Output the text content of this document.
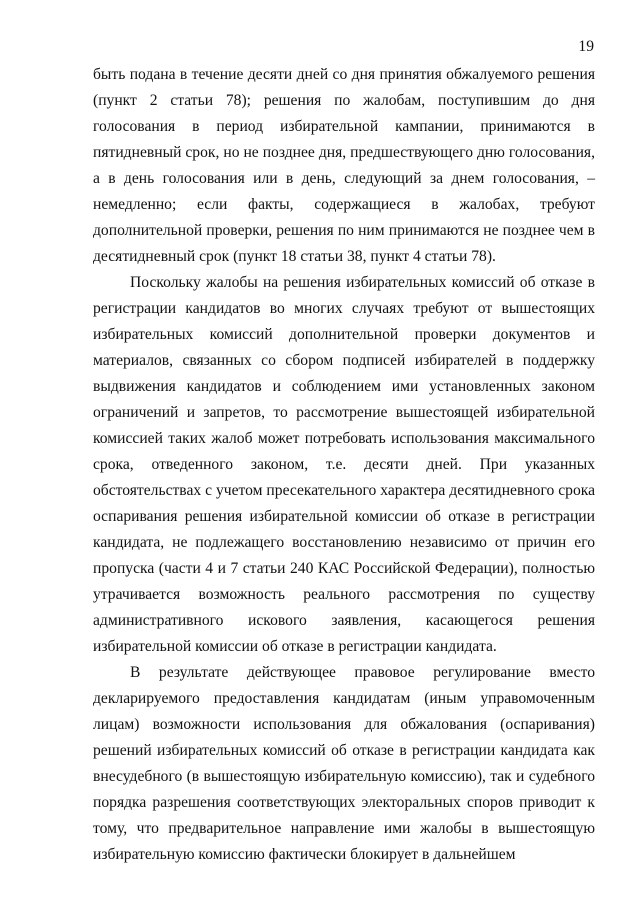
19

быть подана в течение десяти дней со дня принятия обжалуемого решения (пункт 2 статьи 78); решения по жалобам, поступившим до дня голосования в период избирательной кампании, принимаются в пятидневный срок, но не позднее дня, предшествующего дню голосования, а в день голосования или в день, следующий за днем голосования, – немедленно; если факты, содержащиеся в жалобах, требуют дополнительной проверки, решения по ним принимаются не позднее чем в десятидневный срок (пункт 18 статьи 38, пункт 4 статьи 78).

Поскольку жалобы на решения избирательных комиссий об отказе в регистрации кандидатов во многих случаях требуют от вышестоящих избирательных комиссий дополнительной проверки документов и материалов, связанных со сбором подписей избирателей в поддержку выдвижения кандидатов и соблюдением ими установленных законом ограничений и запретов, то рассмотрение вышестоящей избирательной комиссией таких жалоб может потребовать использования максимального срока, отведенного законом, т.е. десяти дней. При указанных обстоятельствах с учетом пресекательного характера десятидневного срока оспаривания решения избирательной комиссии об отказе в регистрации кандидата, не подлежащего восстановлению независимо от причин его пропуска (части 4 и 7 статьи 240 КАС Российской Федерации), полностью утрачивается возможность реального рассмотрения по существу административного искового заявления, касающегося решения избирательной комиссии об отказе в регистрации кандидата.

В результате действующее правовое регулирование вместо декларируемого предоставления кандидатам (иным управомоченным лицам) возможности использования для обжалования (оспаривания) решений избирательных комиссий об отказе в регистрации кандидата как внесудебного (в вышестоящую избирательную комиссию), так и судебного порядка разрешения соответствующих электоральных споров приводит к тому, что предварительное направление ими жалобы в вышестоящую избирательную комиссию фактически блокирует в дальнейшем
